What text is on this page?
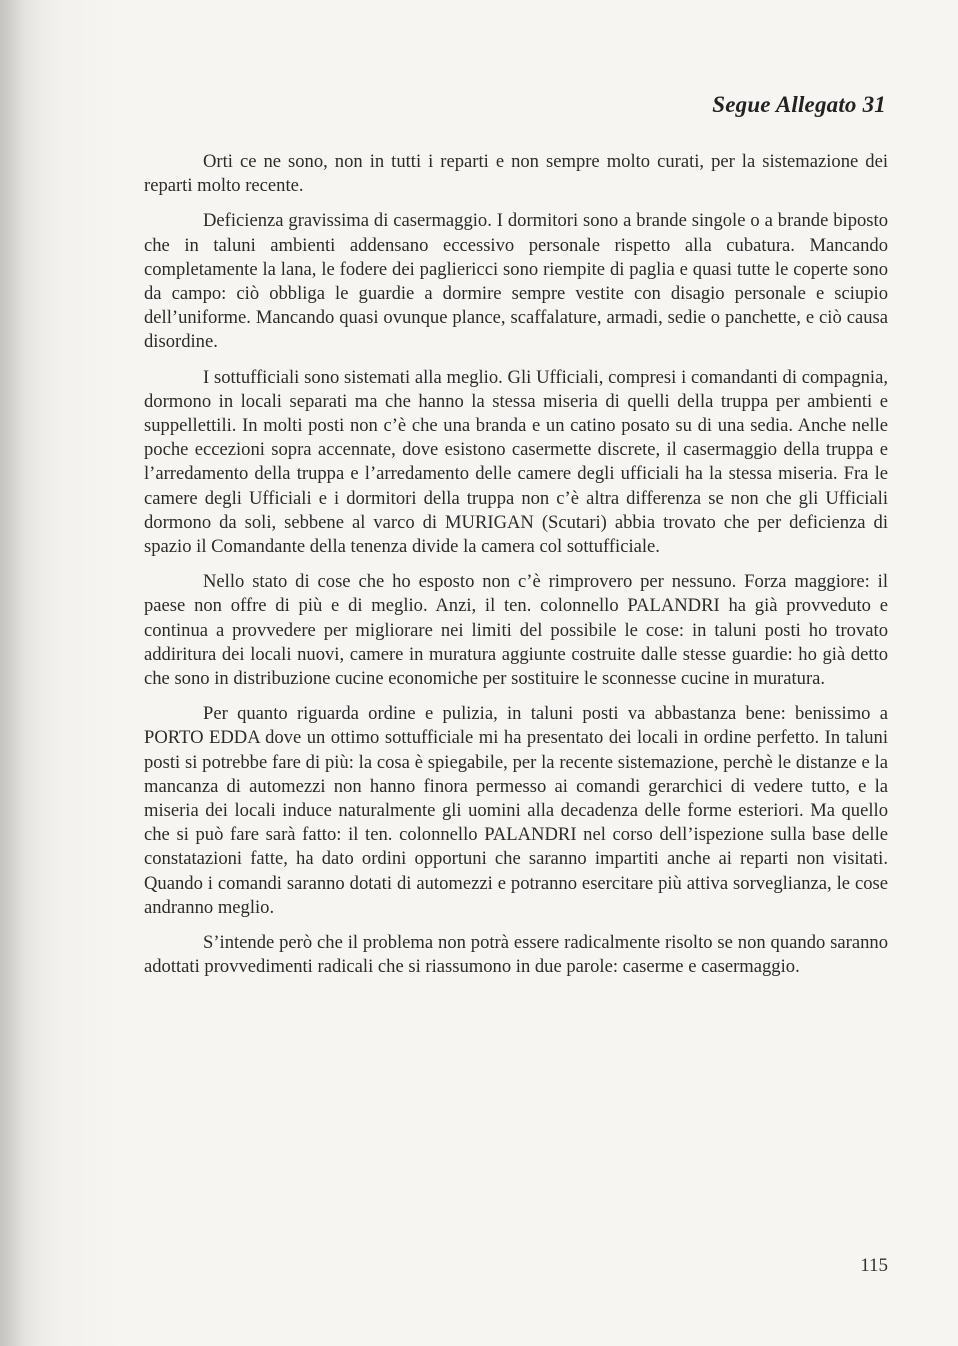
Segue Allegato 31

Orti ce ne sono, non in tutti i reparti e non sempre molto curati, per la sistemazione dei reparti molto recente.

Deficienza gravissima di casermaggio. I dormitori sono a brande singole o a brande biposto che in taluni ambienti addensano eccessivo personale rispetto alla cubatura. Mancando completamente la lana, le fodere dei pagliericci sono riempite di paglia e quasi tutte le coperte sono da campo: ciò obbliga le guardie a dormire sempre vestite con disagio personale e sciupio dell’uniforme. Mancando quasi ovunque plance, scaffalature, armadi, sedie o panchette, e ciò causa disordine.

I sottufficiali sono sistemati alla meglio. Gli Ufficiali, compresi i comandanti di compagnia, dormono in locali separati ma che hanno la stessa miseria di quelli della truppa per ambienti e suppellettili. In molti posti non c’è che una branda e un catino posato su di una sedia. Anche nelle poche eccezioni sopra accennate, dove esistono casermette discrete, il casermaggio della truppa e l’arredamento della truppa e l’arredamento delle camere degli ufficiali ha la stessa miseria. Fra le camere degli Ufficiali e i dormitori della truppa non c’è altra differenza se non che gli Ufficiali dormono da soli, sebbene al varco di MURIGAN (Scutari) abbia trovato che per deficienza di spazio il Comandante della tenenza divide la camera col sottufficiale.

Nello stato di cose che ho esposto non c’è rimprovero per nessuno. Forza maggiore: il paese non offre di più e di meglio. Anzi, il ten. colonnello PALANDRI ha già provveduto e continua a provvedere per migliorare nei limiti del possibile le cose: in taluni posti ho trovato addiritura dei locali nuovi, camere in muratura aggiunte costruite dalle stesse guardie: ho già detto che sono in distribuzione cucine economiche per sostituire le sconnesse cucine in muratura.

Per quanto riguarda ordine e pulizia, in taluni posti va abbastanza bene: benissimo a PORTO EDDA dove un ottimo sottufficiale mi ha presentato dei locali in ordine perfetto. In taluni posti si potrebbe fare di più: la cosa è spiegabile, per la recente sistemazione, perchè le distanze e la mancanza di automezzi non hanno finora permesso ai comandi gerarchici di vedere tutto, e la miseria dei locali induce naturalmente gli uomini alla decadenza delle forme esteriori. Ma quello che si può fare sarà fatto: il ten. colonnello PALANDRI nel corso dell’ispezione sulla base delle constatazioni fatte, ha dato ordini opportuni che saranno impartiti anche ai reparti non visitati. Quando i comandi saranno dotati di automezzi e potranno esercitare più attiva sorveglianza, le cose andranno meglio.

S’intende però che il problema non potrà essere radicalmente risolto se non quando saranno adottati provvedimenti radicali che si riassumono in due parole: caserme e casermaggio.

115
